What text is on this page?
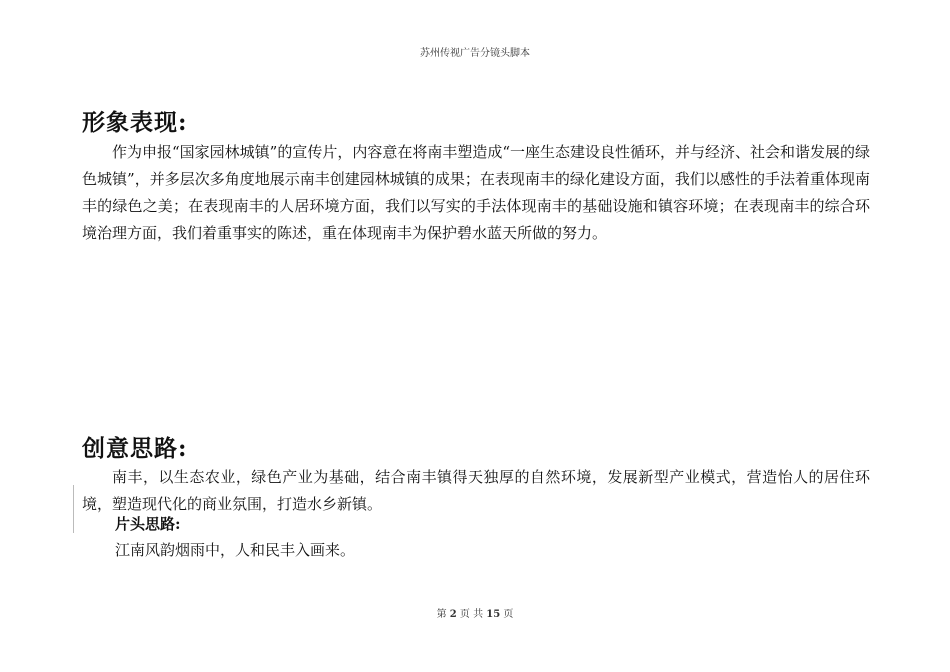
苏州传视广告分镜头脚本
形象表现:
作为申报“国家园林城镇”的宣传片，内容意在将南丰塑造成“一座生态建设良性循环，并与经济、社会和谐发展的绿色城镇”，并多层次多角度地展示南丰创建园林城镇的成果；在表现南丰的绿化建设方面，我们以感性的手法着重体现南丰的绿色之美；在表现南丰的人居环境方面，我们以写实的手法体现南丰的基础设施和镇容环境；在表现南丰的综合环境治理方面，我们着重事实的陈述，重在体现南丰为保护碧水蓝天所做的努力。
创意思路:
南丰，以生态农业，绿色产业为基础，结合南丰镇得天独厚的自然环境，发展新型产业模式，营造怡人的居住环境，塑造现代化的商业氛围，打造水乡新镇。
片头思路:
江南风韵烟雨中，人和民丰入画来。
第 2 页 共 15 页
